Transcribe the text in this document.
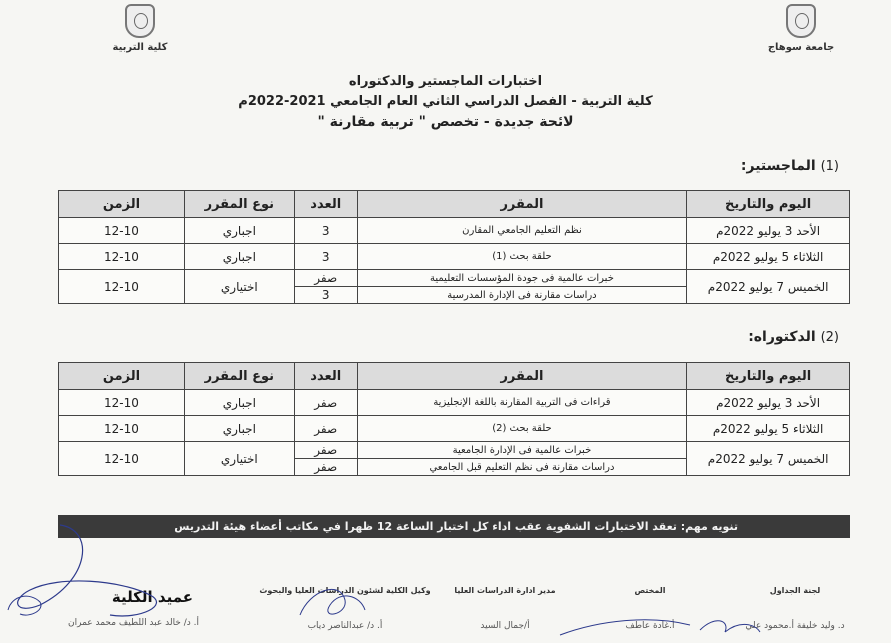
جامعة سوهاج
كلية التربية
اختبارات الماجستير والدكتوراه
كلية التربية - الفصل الدراسي الثاني العام الجامعي 2021-2022م
لائحة جديدة - تخصص " تربية مقارنة "
(1) الماجستير:
اليوم والتاريخ	المقرر	العدد	نوع المقرر	الزمن
الأحد 3 يوليو 2022م	نظم التعليم الجامعي المقارن	3	اجباري	12-10
الثلاثاء 5 يوليو 2022م	حلقة بحث (1)	3	اجباري	12-10
الخميس 7 يوليو 2022م	خبرات عالمية فى جودة المؤسسات التعليمية	صفر	اختياري	12-10
	دراسات مقارنة فى الإدارة المدرسية	3		
(2) الدكتوراه:
اليوم والتاريخ	المقرر	العدد	نوع المقرر	الزمن
الأحد 3 يوليو 2022م	قراءات فى التربية المقارنة باللغة الإنجليزية	صفر	اجباري	12-10
الثلاثاء 5 يوليو 2022م	حلقة بحث (2)	صفر	اجباري	12-10
الخميس 7 يوليو 2022م	خبرات عالمية فى الإدارة الجامعية	صفر	اختياري	12-10
	دراسات مقارنة فى نظم التعليم قبل الجامعي	صفر		
تنويه مهم: تعقد الاختبارات الشفوية عقب اداء كل اختبار الساعة 12 ظهرا في مكاتب أعضاء هيئة التدريس
لجنة الجداول
د. وليد خليفة أ.محمود علي
المختص
أ.غادة عاطف
مدير ادارة الدراسات العليا
أ/جمال السيد
وكيل الكلية لشئون الدراسات العليا والبحوث
أ. د/ عبدالناصر دياب
عميد الكلية
أ. د/ خالد عبد اللطيف محمد عمران
